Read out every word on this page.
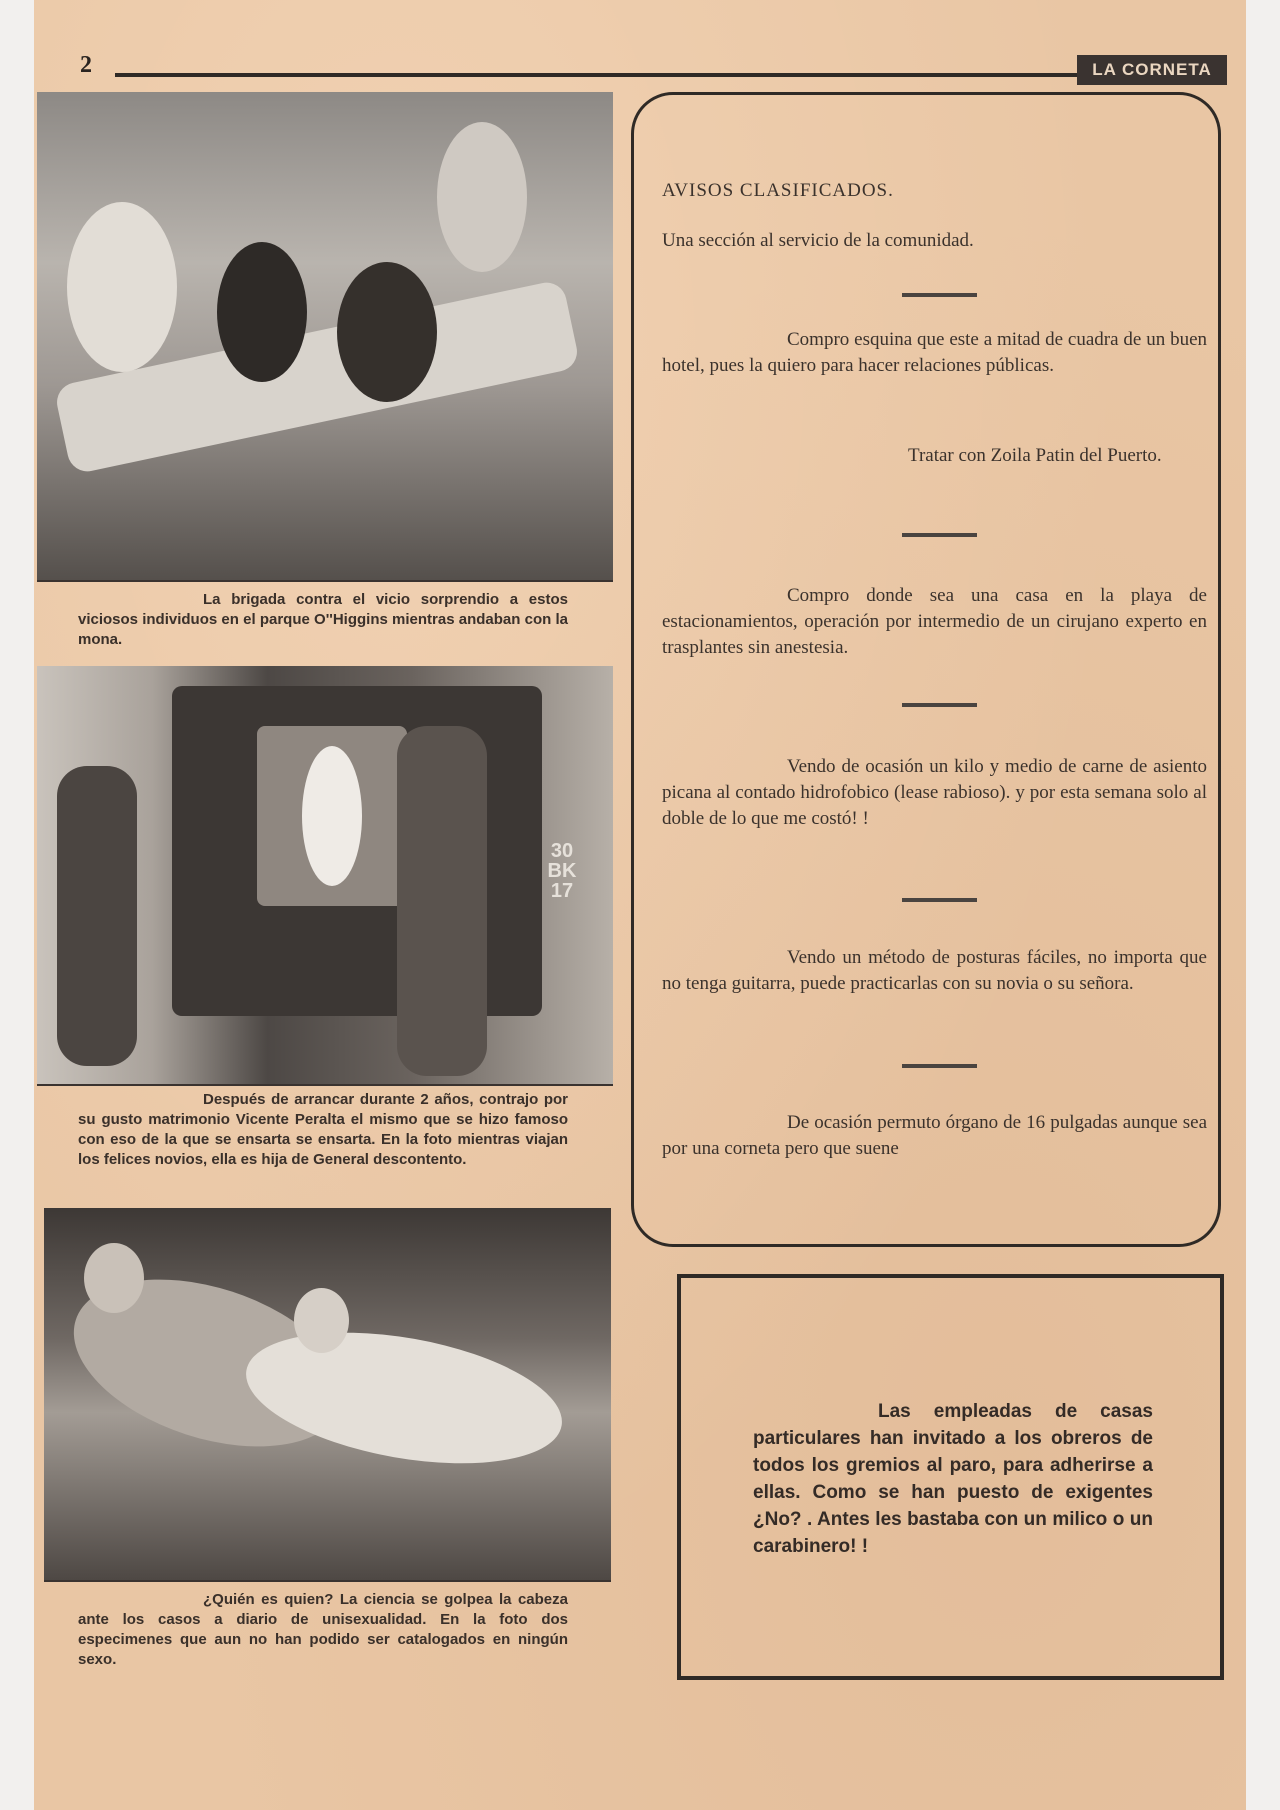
2	LA CORNETA
La brigada contra el vicio sorprendio a estos viciosos individuos en el parque O''Higgins mientras andaban con la mona.
30 BK 17
Después de arrancar durante 2 años, contrajo por su gusto matrimonio Vicente Peralta el mismo que se hizo famoso con eso de la que se ensarta se ensarta. En la foto mientras viajan los felices novios, ella es hija de General descontento.
¿Quién es quien? La ciencia se golpea la cabeza ante los casos a diario de unisexualidad. En la foto dos especimenes que aun no han podido ser catalogados en ningún sexo.
AVISOS CLASIFICADOS.
Una sección al servicio de la comunidad.
Compro esquina que este a mitad de cuadra de un buen hotel, pues la quiero para hacer relaciones públicas.
Tratar con Zoila Patin del Puerto.
Compro donde sea una casa en la playa de estacionamientos, operación por intermedio de un cirujano experto en trasplantes sin anestesia.
Vendo de ocasión un kilo y medio de carne de asiento picana al contado hidrofobico (lease rabioso). y por esta semana solo al doble de lo que me costó! !
Vendo un método de posturas fáciles, no importa que no tenga guitarra, puede practicarlas con su novia o su señora.
De ocasión permuto órgano de 16 pulgadas aunque sea por una corneta pero que suene

Las empleadas de casas particulares han invitado a los obreros de todos los gremios al paro, para adherirse a ellas. Como se han puesto de exigentes ¿No? . Antes les bastaba con un milico o un carabinero! !
